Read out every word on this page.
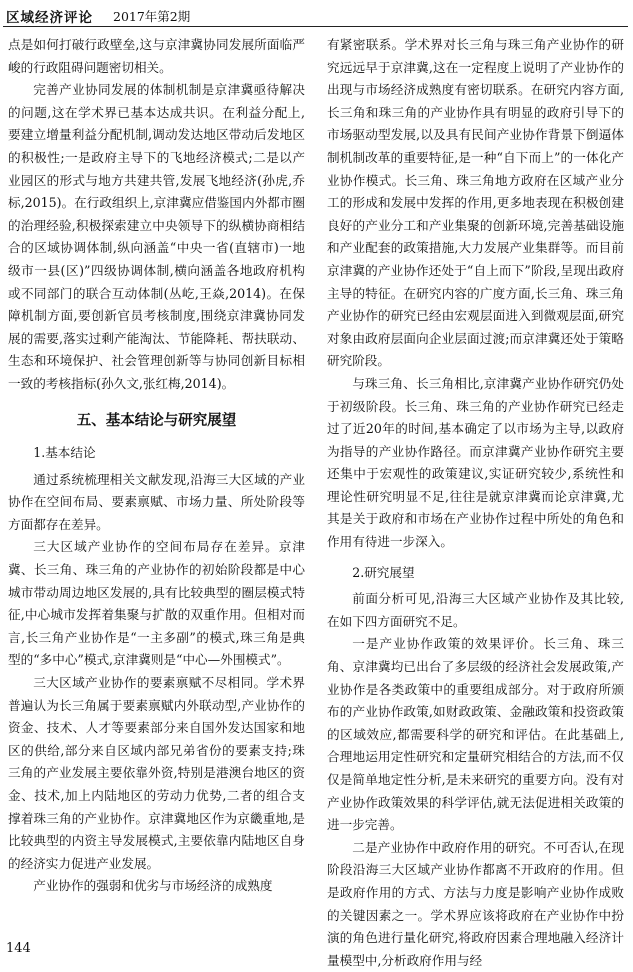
区域经济评论 2017年第2期

点是如何打破行政壁垒,这与京津冀协同发展所面临严峻的行政阻碍问题密切相关。

完善产业协同发展的体制机制是京津冀亟待解决的问题,这在学术界已基本达成共识。在利益分配上,要建立增量利益分配机制,调动发达地区带动后发地区的积极性;一是政府主导下的飞地经济模式;二是以产业园区的形式与地方共建共管,发展飞地经济(孙虎,乔标,2015)。在行政组织上,京津冀应借鉴国内外都市圈的治理经验,积极探索建立中央领导下的纵横协商相结合的区域协调体制,纵向涵盖“中央一省(直辖市)一地级市一县(区)”四级协调体制,横向涵盖各地政府机构或不同部门的联合互动体制(丛屹,王焱,2014)。在保障机制方面,要创新官员考核制度,围绕京津冀协同发展的需要,落实过剩产能淘汰、节能降耗、帮扶联动、生态和环境保护、社会管理创新等与协同创新目标相一致的考核指标(孙久文,张红梅,2014)。

五、基本结论与研究展望
1.基本结论

通过系统梳理相关文献发现,沿海三大区域的产业协作在空间布局、要素禀赋、市场力量、所处阶段等方面都存在差异。

三大区域产业协作的空间布局存在差异。京津冀、长三角、珠三角的产业协作的初始阶段都是中心城市带动周边地区发展的,具有比较典型的圈层模式特征,中心城市发挥着集聚与扩散的双重作用。但相对而言,长三角产业协作是“一主多副”的模式,珠三角是典型的“多中心”模式,京津冀则是“中心—外围模式”。

三大区域产业协作的要素禀赋不尽相同。学术界普遍认为长三角属于要素禀赋内外联动型,产业协作的资金、技术、人才等要素部分来自国外发达国家和地区的供给,部分来自区域内部兄弟省份的要素支持;珠三角的产业发展主要依靠外资,特别是港澳台地区的资金、技术,加上内陆地区的劳动力优势,二者的组合支撑着珠三角的产业协作。京津冀地区作为京畿重地,是比较典型的内资主导发展模式,主要依靠内陆地区自身的经济实力促进产业发展。

产业协作的强弱和优劣与市场经济的成熟度

有紧密联系。学术界对长三角与珠三角产业协作的研究远远早于京津冀,这在一定程度上说明了产业协作的出现与市场经济成熟度有密切联系。在研究内容方面,长三角和珠三角的产业协作具有明显的政府引导下的市场驱动型发展,以及具有民间产业协作背景下倒逼体制机制改革的重要特征,是一种“自下而上”的一体化产业协作模式。长三角、珠三角地方政府在区域产业分工的形成和发展中发挥的作用,更多地表现在积极创建良好的产业分工和产业集聚的创新环境,完善基础设施和产业配套的政策措施,大力发展产业集群等。而目前京津冀的产业协作还处于“自上而下”阶段,呈现出政府主导的特征。在研究内容的广度方面,长三角、珠三角产业协作的研究已经由宏观层面进入到微观层面,研究对象由政府层面向企业层面过渡;而京津冀还处于策略研究阶段。

与珠三角、长三角相比,京津冀产业协作研究仍处于初级阶段。长三角、珠三角的产业协作研究已经走过了近20年的时间,基本确定了以市场为主导,以政府为指导的产业协作路径。而京津冀产业协作研究主要还集中于宏观性的政策建议,实证研究较少,系统性和理论性研究明显不足,往往是就京津冀而论京津冀,尤其是关于政府和市场在产业协作过程中所处的角色和作用有待进一步深入。

2.研究展望

前面分析可见,沿海三大区域产业协作及其比较,在如下四方面研究不足。

一是产业协作政策的效果评价。长三角、珠三角、京津冀均已出台了多层级的经济社会发展政策,产业协作是各类政策中的重要组成部分。对于政府所颁布的产业协作政策,如财政政策、金融政策和投资政策的区域效应,都需要科学的研究和评估。在此基础上,合理地运用定性研究和定量研究相结合的方法,而不仅仅是简单地定性分析,是未来研究的重要方向。没有对产业协作政策效果的科学评估,就无法促进相关政策的进一步完善。

二是产业协作中政府作用的研究。不可否认,在现阶段沿海三大区域产业协作都离不开政府的作用。但是政府作用的方式、方法与力度是影响产业协作成败的关键因素之一。学术界应该将政府在产业协作中扮演的角色进行量化研究,将政府因素合理地融入经济计量模型中,分析政府作用与经

144
